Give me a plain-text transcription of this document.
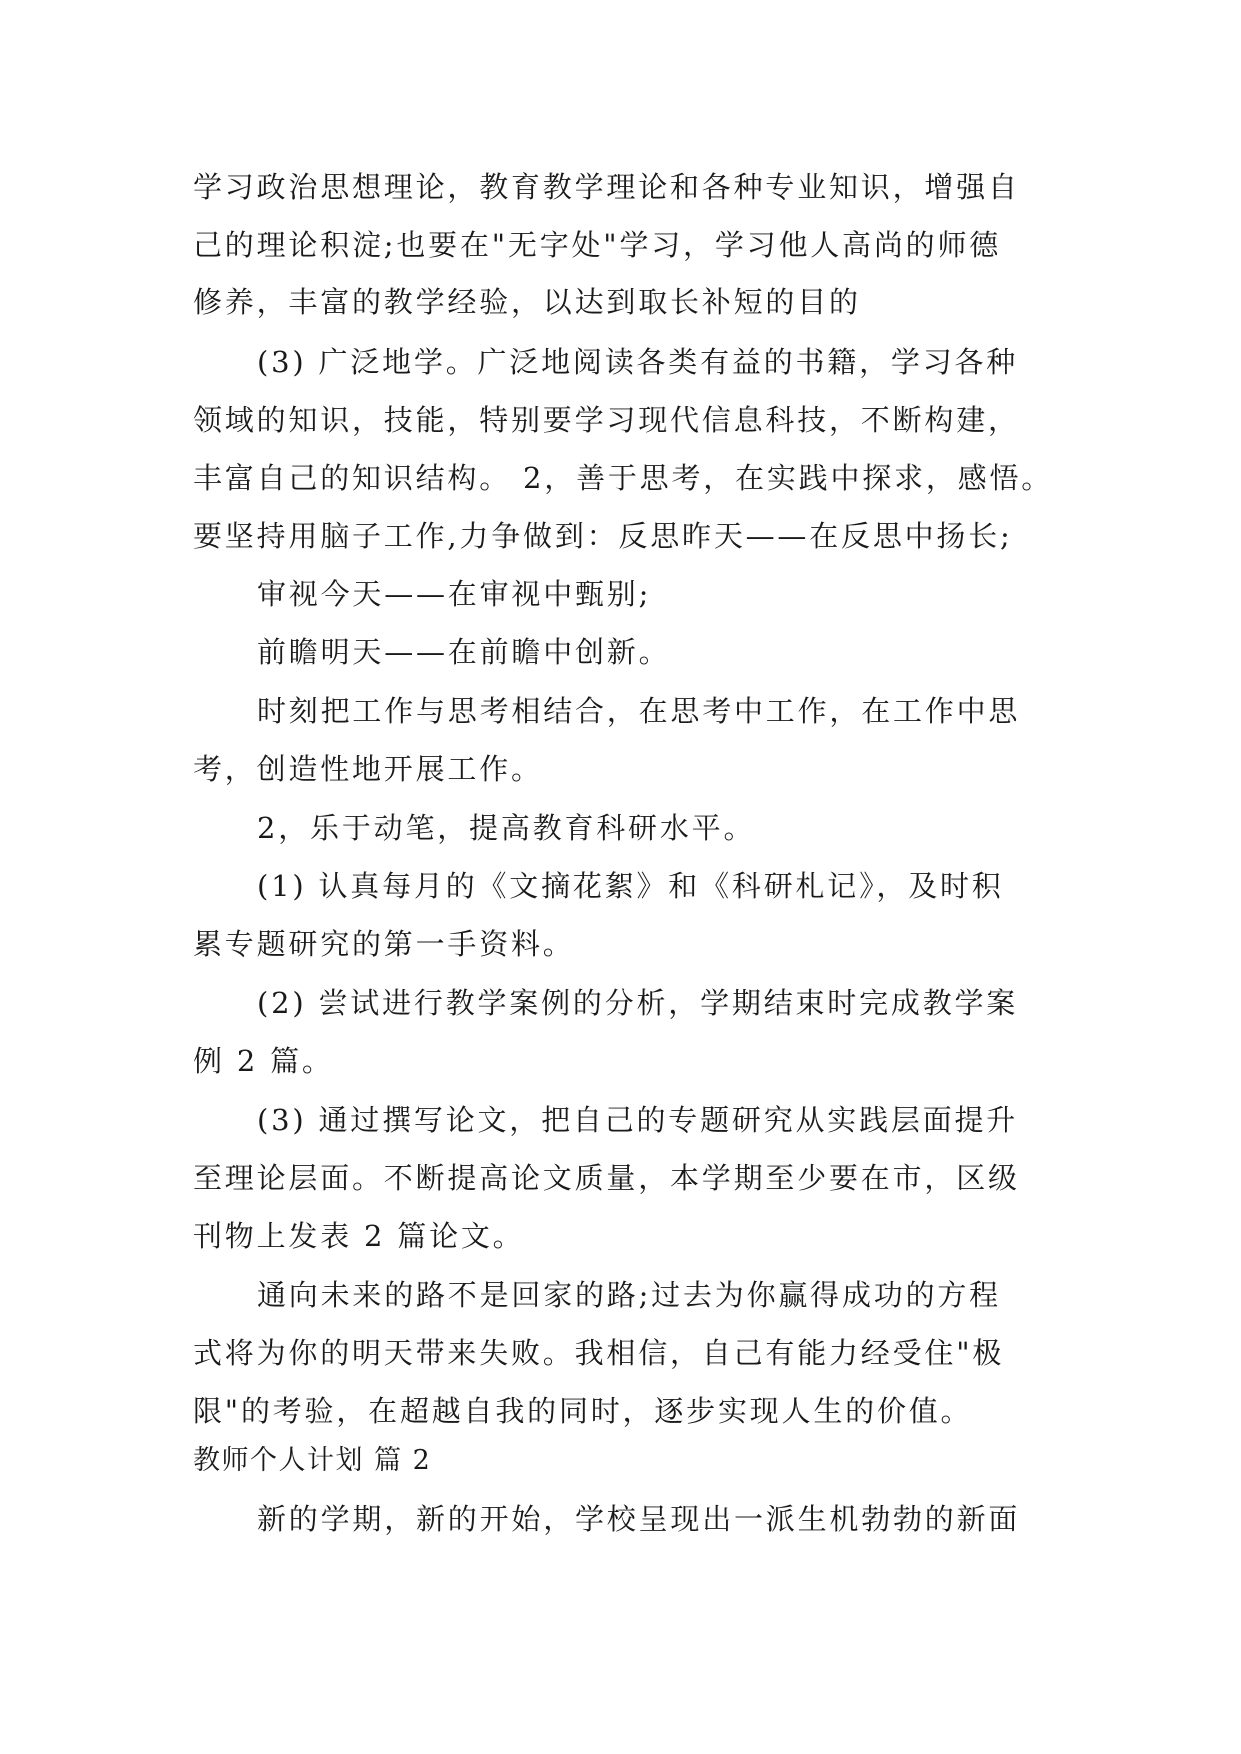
学习政治思想理论，教育教学理论和各种专业知识，增强自
己的理论积淀;也要在"无字处"学习，学习他人高尚的师德
修养，丰富的教学经验，以达到取长补短的目的
(3) 广泛地学。广泛地阅读各类有益的书籍，学习各种
领域的知识，技能，特别要学习现代信息科技，不断构建，
丰富自己的知识结构。 2，善于思考，在实践中探求，感悟。
要坚持用脑子工作,力争做到：反思昨天——在反思中扬长;
审视今天——在审视中甄别;
前瞻明天——在前瞻中创新。
时刻把工作与思考相结合，在思考中工作，在工作中思
考，创造性地开展工作。
2，乐于动笔，提高教育科研水平。
(1) 认真每月的《文摘花絮》和《科研札记》，及时积
累专题研究的第一手资料。
(2) 尝试进行教学案例的分析，学期结束时完成教学案
例 2 篇。
(3) 通过撰写论文，把自己的专题研究从实践层面提升
至理论层面。不断提高论文质量，本学期至少要在市，区级
刊物上发表 2 篇论文。
通向未来的路不是回家的路;过去为你赢得成功的方程
式将为你的明天带来失败。我相信，自己有能力经受住"极
限"的考验，在超越自我的同时，逐步实现人生的价值。
教师个人计划 篇 2
新的学期，新的开始，学校呈现出一派生机勃勃的新面
